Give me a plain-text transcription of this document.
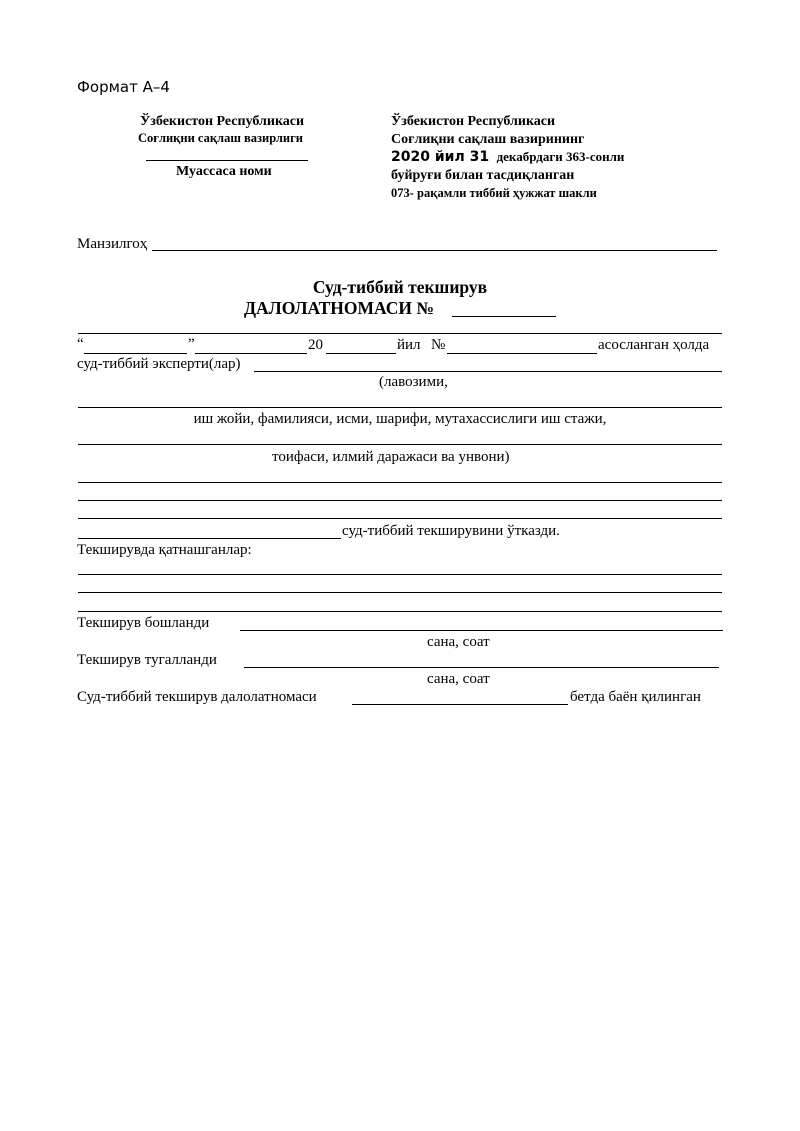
Формат А–4
Ўзбекистон Республикаси
Соғлиқни сақлаш вазирлиги
Муассаса номи
Ўзбекистон Республикаси
Соғлиқни сақлаш вазирининг
2020 йил 31 декабрдаги 363-сонли
буйруғи билан тасдиқланган
073- рақамли тиббий ҳужжат шакли
Манзилгоҳ
Суд-тиббий текширув
ДАЛОЛАТНОМАСИ №
“	”	20	йил №	асосланган ҳолда
суд-тиббий эксперти(лар)
(лавозими,
иш жойи, фамилияси, исми, шарифи, мутахассислиги иш стажи,
тоифаси, илмий даражаси ва унвони)
суд-тиббий текширувини ўтказди.
Текширувда қатнашганлар:
Текширув бошланди
сана, соат
Текширув тугалланди
сана, соат
Суд-тиббий текширув далолатномаси	бетда баён қилинган
